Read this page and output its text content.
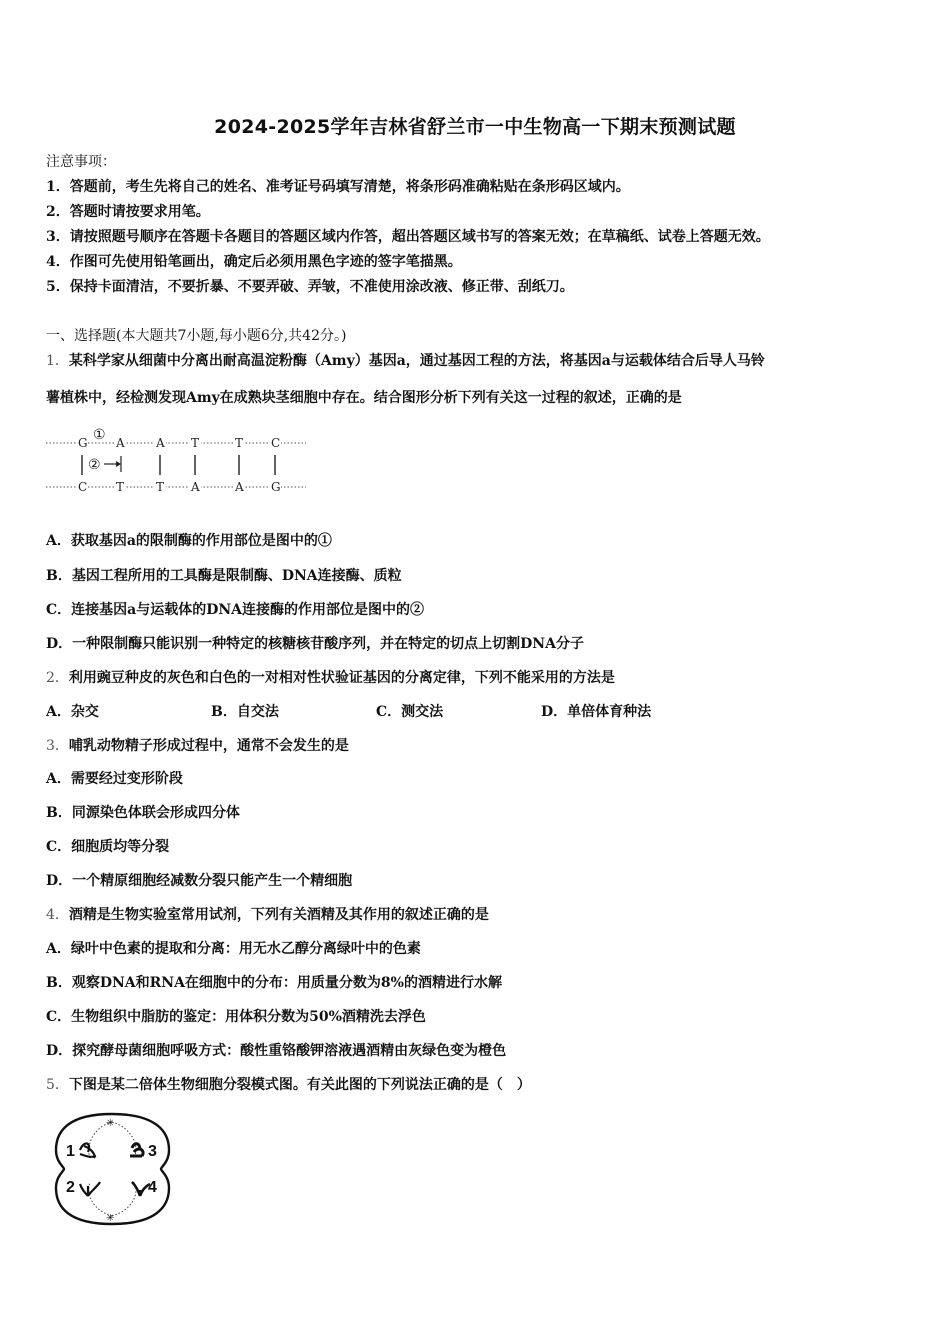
2024-2025学年吉林省舒兰市一中生物高一下期末预测试题
注意事项：
1．答题前，考生先将自己的姓名、准考证号码填写清楚，将条形码准确粘贴在条形码区域内。
2．答题时请按要求用笔。
3．请按照题号顺序在答题卡各题目的答题区域内作答，超出答题区域书写的答案无效；在草稿纸、试卷上答题无效。
4．作图可先使用铅笔画出，确定后必须用黑色字迹的签字笔描黑。
5．保持卡面清洁，不要折暴、不要弄破、弄皱，不准使用涂改液、修正带、刮纸刀。
一、选择题(本大题共7小题,每小题6分,共42分。)
1．某科学家从细菌中分离出耐高温淀粉酶（Amy）基因a，通过基因工程的方法，将基因a与运载体结合后导人马铃
薯植株中，经检测发现Amy在成熟块茎细胞中存在。结合图形分析下列有关这一过程的叙述，正确的是
G A	A T	T C
C T	T A	A G
①
②
A．获取基因a的限制酶的作用部位是图中的①
B．基因工程所用的工具酶是限制酶、DNA连接酶、质粒
C．连接基因a与运载体的DNA连接酶的作用部位是图中的②
D．一种限制酶只能识别一种特定的核糖核苷酸序列，并在特定的切点上切割DNA分子
2．利用豌豆种皮的灰色和白色的一对相对性状验证基因的分离定律，下列不能采用的方法是
A．杂交	B．自交法	C．测交法	D．单倍体育种法
3．哺乳动物精子形成过程中，通常不会发生的是
A．需要经过变形阶段
B．同源染色体联会形成四分体
C．细胞质均等分裂
D．一个精原细胞经减数分裂只能产生一个精细胞
4．酒精是生物实验室常用试剂，下列有关酒精及其作用的叙述正确的是
A．绿叶中色素的提取和分离：用无水乙醇分离绿叶中的色素
B．观察DNA和RNA在细胞中的分布：用质量分数为8%的酒精进行水解
C．生物组织中脂肪的鉴定：用体积分数为50%酒精洗去浮色
D．探究酵母菌细胞呼吸方式：酸性重铬酸钾溶液遇酒精由灰绿色变为橙色
5．下图是某二倍体生物细胞分裂模式图。有关此图的下列说法正确的是（　）
✳
✳
1
2
3
4
